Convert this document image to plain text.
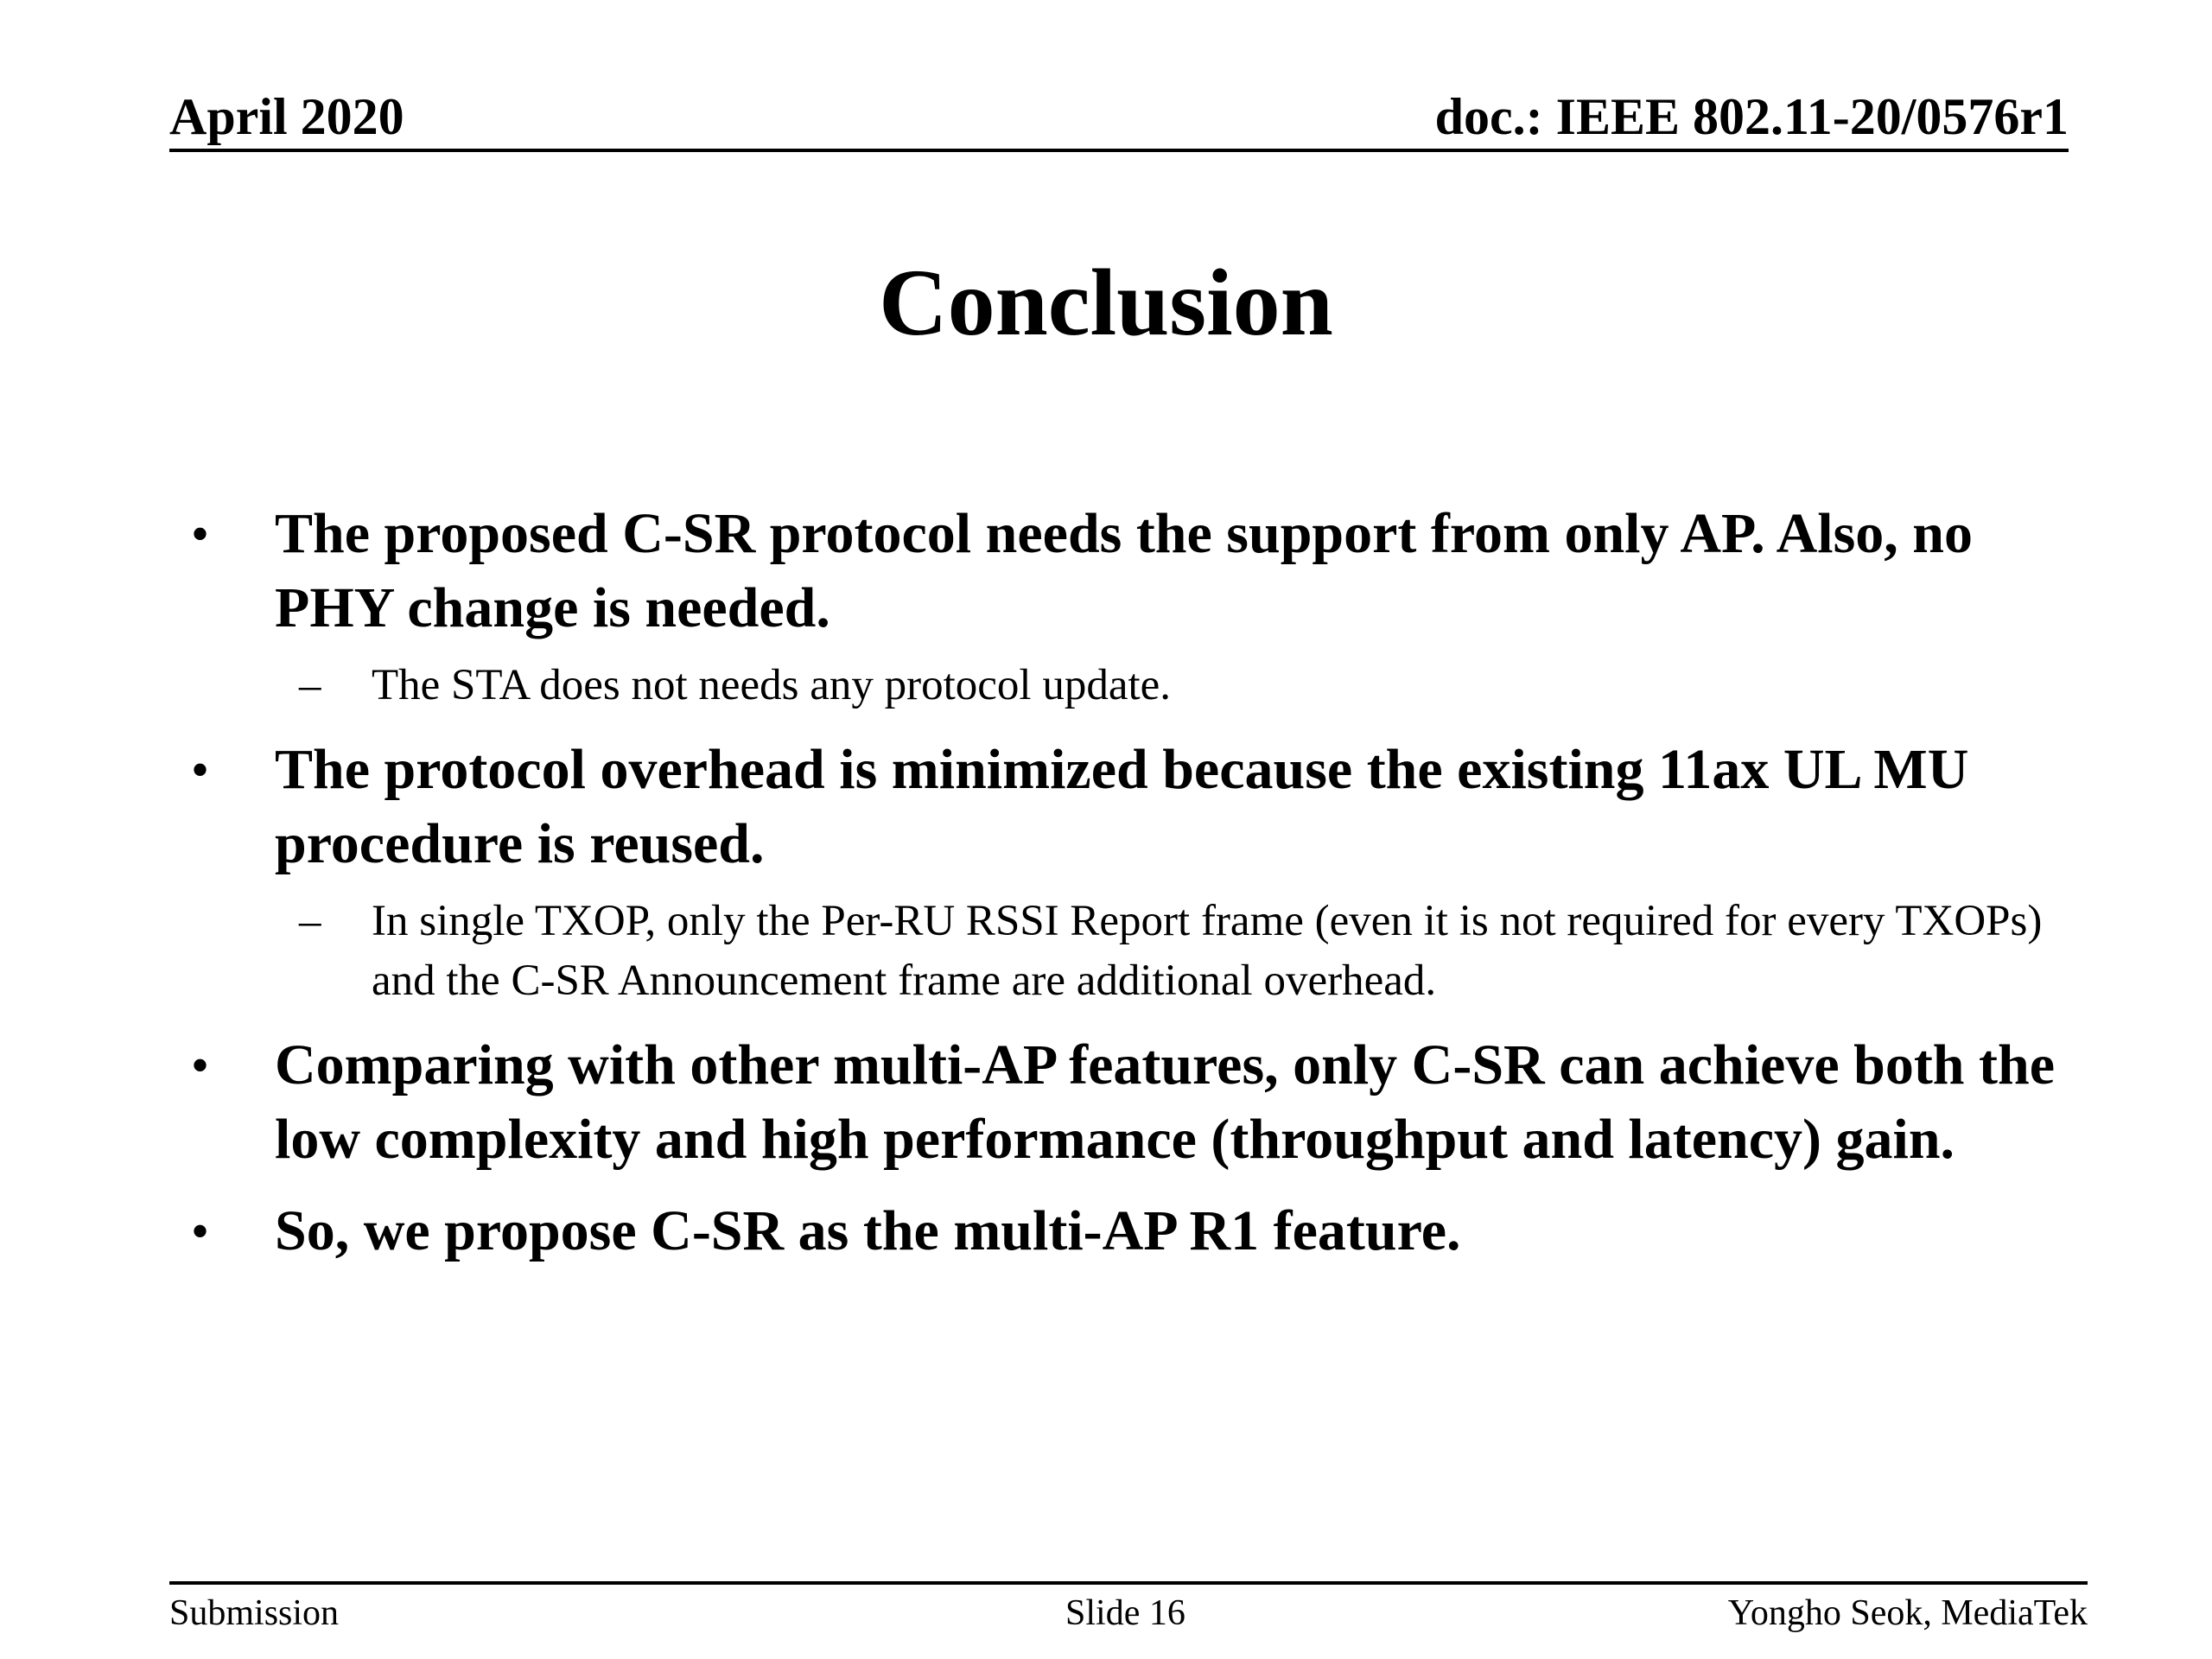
April 2020	doc.: IEEE 802.11-20/0576r1
Conclusion
• The proposed C-SR protocol needs the support from only AP. Also, no PHY change is needed.
– The STA does not needs any protocol update.
• The protocol overhead is minimized because the existing 11ax UL MU procedure is reused.
– In single TXOP, only the Per-RU RSSI Report frame (even it is not required for every TXOPs) and the C-SR Announcement frame are additional overhead.
• Comparing with other multi-AP features, only C-SR can achieve both the low complexity and high performance (throughput and latency) gain.
• So, we propose C-SR as the multi-AP R1 feature.
Submission	Slide 16	Yongho Seok, MediaTek
